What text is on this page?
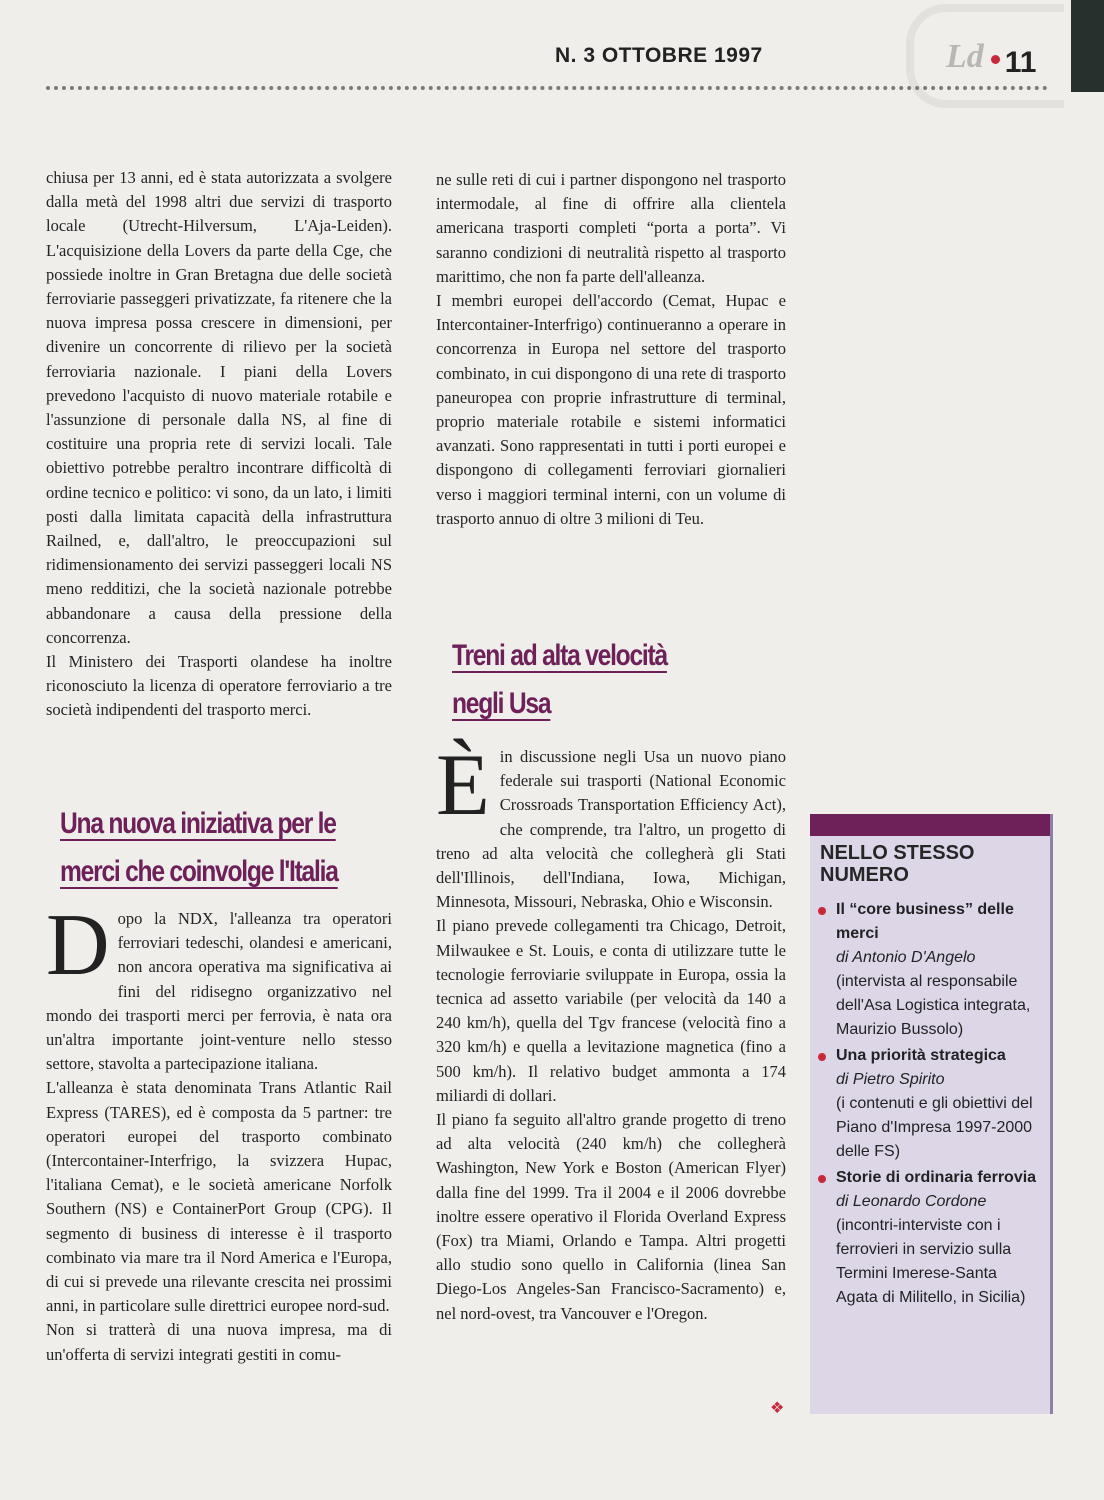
N. 3 OTTOBRE 1997	Ld 11

chiusa per 13 anni, ed è stata autorizzata a svolgere dalla metà del 1998 altri due servizi di trasporto locale (Utrecht-Hilversum, L'Aja-Leiden). L'acquisizione della Lovers da parte della Cge, che possiede inoltre in Gran Bretagna due delle società ferroviarie passeggeri privatizzate, fa ritenere che la nuova impresa possa crescere in dimensioni, per divenire un concorrente di rilievo per la società ferroviaria nazionale. I piani della Lovers prevedono l'acquisto di nuovo materiale rotabile e l'assunzione di personale dalla NS, al fine di costituire una propria rete di servizi locali. Tale obiettivo potrebbe peraltro incontrare difficoltà di ordine tecnico e politico: vi sono, da un lato, i limiti posti dalla limitata capacità della infrastruttura Railned, e, dall'altro, le preoccupazioni sul ridimensionamento dei servizi passeggeri locali NS meno redditizi, che la società nazionale potrebbe abbandonare a causa della pressione della concorrenza.

Il Ministero dei Trasporti olandese ha inoltre riconosciuto la licenza di operatore ferroviario a tre società indipendenti del trasporto merci.

Una nuova iniziativa per le
merci che coinvolge l'Italia
D opo la NDX, l'alleanza tra operatori ferroviari tedeschi, olandesi e americani, non ancora operativa ma significativa ai fini del ridisegno organizzativo nel mondo dei trasporti merci per ferrovia, è nata ora un'altra importante joint-venture nello stesso settore, stavolta a partecipazione italiana.

L'alleanza è stata denominata Trans Atlantic Rail Express (TARES), ed è composta da 5 partner: tre operatori europei del trasporto combinato (Intercontainer-Interfrigo, la svizzera Hupac, l'italiana Cemat), e le società americane Norfolk Southern (NS) e ContainerPort Group (CPG). Il segmento di business di interesse è il trasporto combinato via mare tra il Nord America e l'Europa, di cui si prevede una rilevante crescita nei prossimi anni, in particolare sulle direttrici europee nord-sud.

Non si tratterà di una nuova impresa, ma di un'offerta di servizi integrati gestiti in comu-

ne sulle reti di cui i partner dispongono nel trasporto intermodale, al fine di offrire alla clientela americana trasporti completi “porta a porta”. Vi saranno condizioni di neutralità rispetto al trasporto marittimo, che non fa parte dell'alleanza.

I membri europei dell'accordo (Cemat, Hupac e Intercontainer-Interfrigo) continueranno a operare in concorrenza in Europa nel settore del trasporto combinato, in cui dispongono di una rete di trasporto paneuropea con proprie infrastrutture di terminal, proprio materiale rotabile e sistemi informatici avanzati. Sono rappresentati in tutti i porti europei e dispongono di collegamenti ferroviari giornalieri verso i maggiori terminal interni, con un volume di trasporto annuo di oltre 3 milioni di Teu.

Treni ad alta velocità
negli Usa
È in discussione negli Usa un nuovo piano federale sui trasporti (National Economic Crossroads Transportation Efficiency Act), che comprende, tra l'altro, un progetto di treno ad alta velocità che collegherà gli Stati dell'Illinois, dell'Indiana, Iowa, Michigan, Minnesota, Missouri, Nebraska, Ohio e Wisconsin.

Il piano prevede collegamenti tra Chicago, Detroit, Milwaukee e St. Louis, e conta di utilizzare tutte le tecnologie ferroviarie sviluppate in Europa, ossia la tecnica ad assetto variabile (per velocità da 140 a 240 km/h), quella del Tgv francese (velocità fino a 320 km/h) e quella a levitazione magnetica (fino a 500 km/h). Il relativo budget ammonta a 174 miliardi di dollari.

Il piano fa seguito all'altro grande progetto di treno ad alta velocità (240 km/h) che collegherà Washington, New York e Boston (American Flyer) dalla fine del 1999. Tra il 2004 e il 2006 dovrebbe inoltre essere operativo il Florida Overland Express (Fox) tra Miami, Orlando e Tampa. Altri progetti allo studio sono quello in California (linea San Diego-Los Angeles-San Francisco-Sacramento) e, nel nord-ovest, tra Vancouver e l'Oregon.

❖
NELLO STESSO
NUMERO
Il “core business” delle merci
di Antonio D'Angelo
(intervista al responsabile dell'Asa Logistica integrata, Maurizio Bussolo)
Una priorità strategica
di Pietro Spirito
(i contenuti e gli obiettivi del Piano d'Impresa 1997-2000 delle FS)
Storie di ordinaria ferrovia
di Leonardo Cordone
(incontri-interviste con i ferrovieri in servizio sulla Termini Imerese-Santa Agata di Militello, in Sicilia)
